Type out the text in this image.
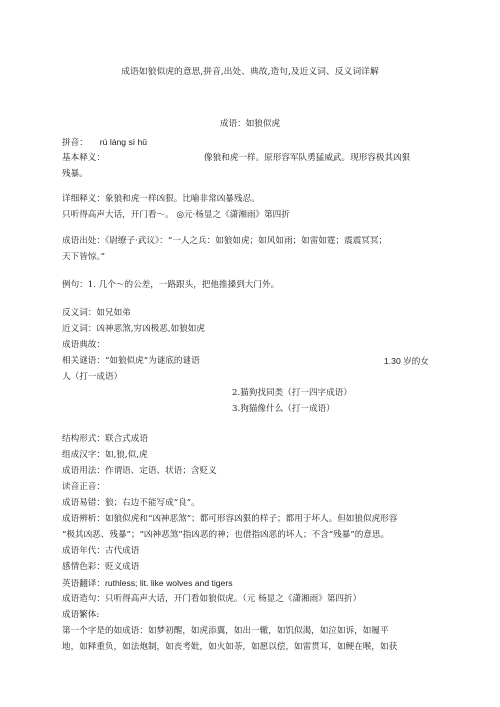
成语如狼似虎的意思,拼音,出处、典故,造句,及近义词、反义词详解
成语：如狼似虎
拼音： rú láng sì hǔ
基本释义：	像狼和虎一样。原形容军队勇猛威武。现形容极其凶狠
残暴。
详细释义：象狼和虎一样凶狠。比喻非常凶暴残忍。
只听得高声大话，开门看～。 ◎元·杨显之《潇湘雨》第四折
成语出处：《尉缭子·武议》：“一人之兵：如狼如虎；如风如雨；如雷如霆；震震冥冥；
天下皆惊。”
例句：1. 几个～的公差，一路跟头，把他推搡到大门外。
反义词：如兄如弟
近义词：凶神恶煞,穷凶极恶,如狼如虎
成语典故：
相关谜语：“如狼似虎”为谜底的谜语	1.30 岁的女
人（打一成语）
2.猫狗找同类（打一四字成语）
3.狗猫像什么（打一成语）
结构形式：联合式成语
组成汉字：如,狼,似,虎
成语用法：作谓语、定语、状语；含贬义
读音正音：
成语易错：狼；右边不能写成“良”。
成语辨析：如狼似虎和“凶神恶煞”；都可形容凶狠的样子；都用于坏人。但如狼似虎形容
“极其凶恶、残暴”；“凶神恶煞”指凶恶的神；也借指凶恶的坏人；不含“残暴”的意思。
成语年代：古代成语
感情色彩：贬义成语
英语翻译：ruthless; lit. like wolves and tigers
成语造句：只听得高声大话，开门看如狼似虎。（元 杨显之《潇湘雨》第四折）
成语繁体:
第一个字是的如成语：如梦初醒，如虎添翼，如出一辙，如饥似渴，如泣如诉，如履平
地，如释重负，如法炮制，如丧考妣，如火如荼，如愿以偿，如雷贯耳，如鲠在喉，如获
